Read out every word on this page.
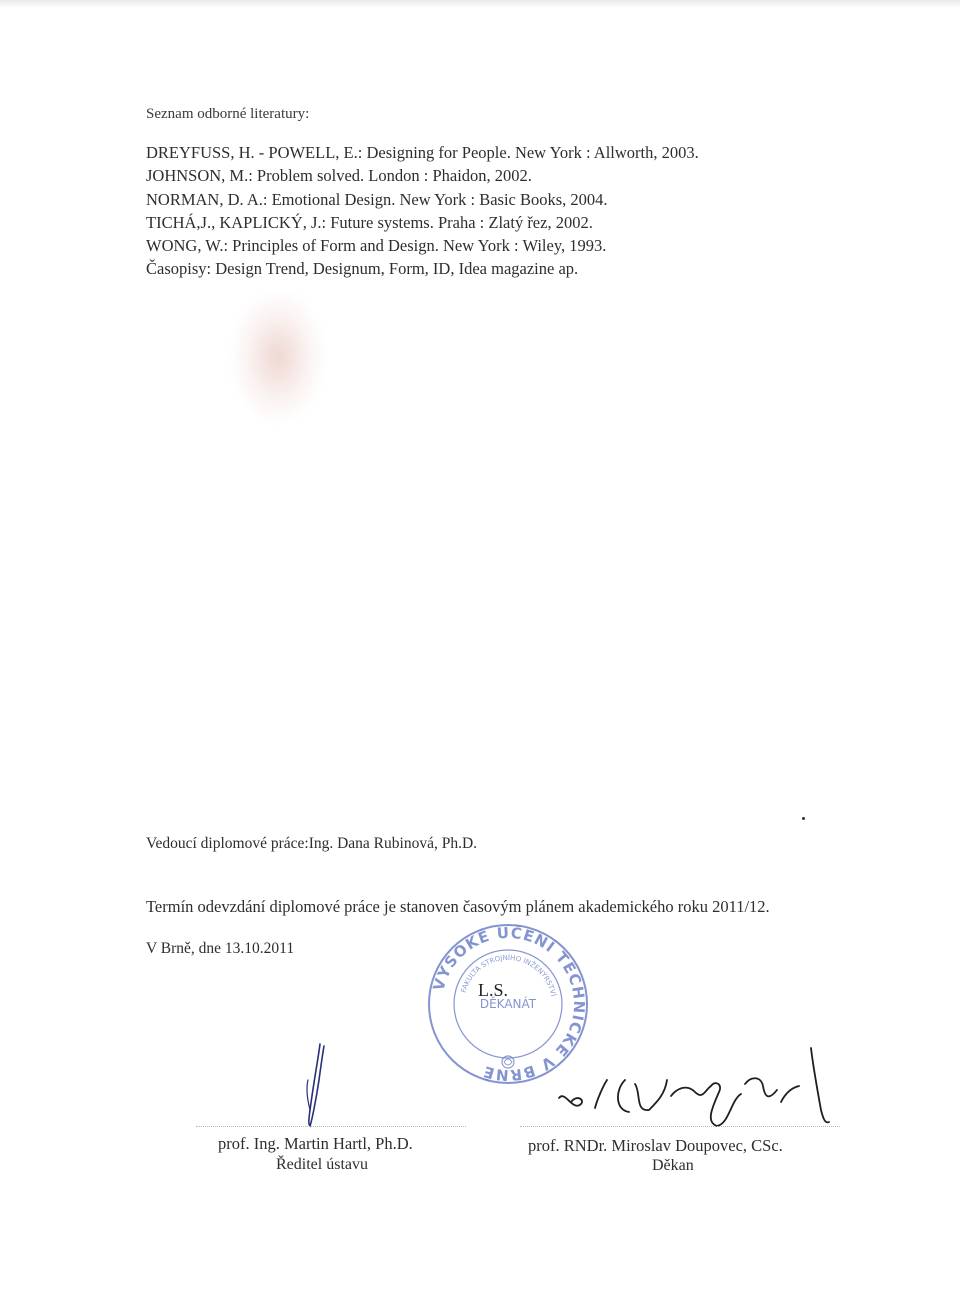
Seznam odborné literatury:
DREYFUSS, H. - POWELL, E.: Designing for People. New York : Allworth, 2003.
JOHNSON, M.: Problem solved. London : Phaidon, 2002.
NORMAN, D. A.: Emotional Design. New York : Basic Books, 2004.
TICHÁ,J., KAPLICKÝ, J.: Future systems. Praha : Zlatý řez, 2002.
WONG, W.: Principles of Form and Design. New York : Wiley, 1993.
Časopisy: Design Trend, Designum, Form, ID, Idea magazine ap.
Vedoucí diplomové práce:Ing. Dana Rubinová, Ph.D.
Termín odevzdání diplomové práce je stanoven časovým plánem akademického roku 2011/12.
V Brně, dne 13.10.2011
VYSOKÉ UČENÍ TECHNICKÉ V BRNĚ
FAKULTA STROJNÍHO INŽENÝRSTVÍ
DĚKANÁT
L.S.
prof. Ing. Martin Hartl, Ph.D.
Ředitel ústavu
prof. RNDr. Miroslav Doupovec, CSc.
Děkan
